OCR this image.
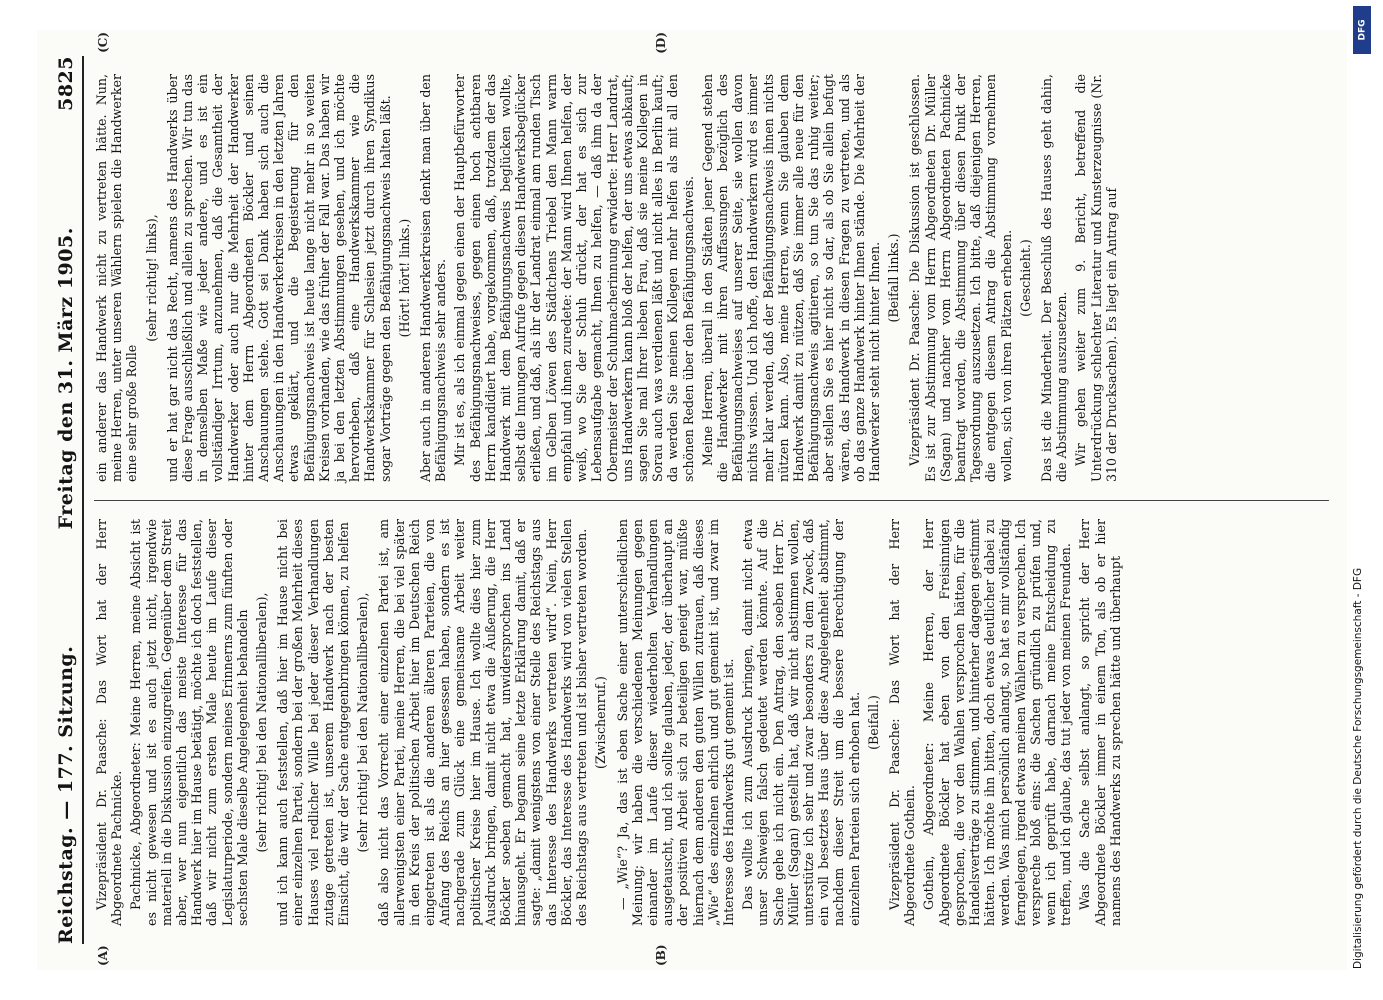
Reichstag. — 177. Sitzung.
Freitag den 31. März 1905.
5825
(A)	(B)

Vizepräsident Dr. Paasche: Das Wort hat der Herr Abgeordnete Pachnicke. Pachnicke, Abgeordneter: Meine Herren, meine Absicht ist es nicht gewesen und ist es auch jetzt nicht, irgendwie materiell in die Diskussion einzugreifen. Gegenüber dem Streit aber, wer nun eigentlich das meiste Interesse für das Handwerk hier im Hause betätigt, möchte ich doch feststellen, daß wir nicht zum ersten Male heute im Laufe dieser Legislaturperiode, sondern meines Erinnerns zum fünften oder sechsten Male dieselbe Angelegenheit behandeln (sehr richtig! bei den Nationalliberalen), und ich kann auch feststellen, daß hier im Hause nicht bei einer einzelnen Partei, sondern bei der großen Mehrheit dieses Hauses viel redlicher Wille bei jeder dieser Verhandlungen zutage getreten ist, unserem Handwerk nach der besten Einsicht, die wir der Sache entgegenbringen können, zu helfen (sehr richtig! bei den Nationalliberalen), daß also nicht das Vorrecht einer einzelnen Partei ist, am allerwenigsten einer Partei, meine Herren, die bei viel später in den Kreis der politischen Arbeit hier im Deutschen Reich eingetreten ist als die anderen älteren Parteien, die von Anfang des Reichs an hier gesessen haben, sondern es ist nachgerade zum Glück eine gemeinsame Arbeit weiter politischer Kreise hier im Hause. Ich wollte dies hier zum Ausdruck bringen, damit nicht etwa die Äußerung, die Herr Böckler soeben gemacht hat, unwidersprochen ins Land hinausgeht. Er begann seine letzte Erklärung damit, daß er sagte: „damit wenigstens von einer Stelle des Reichstags aus das Interesse des Handwerks vertreten wird“. Nein, Herr Böckler, das Interesse des Handwerks wird von vielen Stellen des Reichstags aus vertreten und ist bisher vertreten worden. (Zwischenruf.) — „Wie“? Ja, das ist eben Sache einer unterschiedlichen Meinung; wir haben die verschiedenen Meinungen gegen einander im Laufe dieser wiederholten Verhandlungen ausgetauscht, und ich sollte glauben, jeder, der überhaupt an der positiven Arbeit sich zu beteiligen geneigt war, müßte hiernach dem anderen den guten Willen zutrauen, daß dieses „Wie“ des einzelnen ehrlich und gut gemeint ist, und zwar im Interesse des Handwerks gut gemeint ist. Das wollte ich zum Ausdruck bringen, damit nicht etwa unser Schweigen falsch gedeutet werden könnte. Auf die Sache gehe ich nicht ein. Den Antrag, den soeben Herr Dr. Müller (Sagan) gestellt hat, daß wir nicht abstimmen wollen, unterstütze ich sehr und zwar besonders zu dem Zweck, daß ein voll besetztes Haus über diese Angelegenheit abstimmt, nachdem dieser Streit um die bessere Berechtigung der einzelnen Parteien sich erhoben hat. (Beifall.) Vizepräsident Dr. Paasche: Das Wort hat der Herr Abgeordnete Gothein. Gothein, Abgeordneter: Meine Herren, der Herr Abgeordnete Böckler hat eben von den Freisinnigen gesprochen, die vor den Wahlen versprochen hätten, für die Handelsverträge zu stimmen, und hinterher dagegen gestimmt hätten. Ich möchte ihn bitten, doch etwas deutlicher dabei zu werden. Was mich persönlich anlangt, so hat es mir vollständig ferngelegen, irgend etwas meinen Wählern zu versprechen. Ich verspreche bloß eins: die Sachen gründlich zu prüfen und, wenn ich geprüft habe, darnach meine Entscheidung zu treffen, und ich glaube, das tut jeder von meinen Freunden. Was die Sache selbst anlangt, so spricht der Herr Abgeordnete Böckler immer in einem Ton, als ob er hier namens des Handwerks zu sprechen hätte und überhaupt

(C)	(D)

ein anderer das Handwerk nicht zu vertreten hätte. Nun, meine Herren, unter unseren Wählern spielen die Handwerker eine sehr große Rolle

(sehr richtig! links), und er hat gar nicht das Recht, namens des Handwerks über diese Frage ausschließlich und allein zu sprechen. Wir tun das in demselben Maße wie jeder andere, und es ist ein vollständiger Irrtum, anzunehmen, daß die Gesamtheit der Handwerker oder auch nur die Mehrheit der Handwerker hinter dem Herrn Abgeordneten Böckler und seinen Anschauungen stehe. Gott sei Dank haben sich auch die Anschauungen in den Handwerkerkreisen in den letzten Jahren etwas geklärt, und die Begeisterung für den Befähigungsnachweis ist heute lange nicht mehr in so weiten Kreisen vorhanden, wie das früher der Fall war. Das haben wir ja bei den letzten Abstimmungen gesehen, und ich möchte hervorheben, daß eine Handwerkskammer wie die Handwerkskammer für Schlesien jetzt durch ihren Syndikus sogar Vorträge gegen den Befähigungsnachweis halten läßt. (Hört! hört! links.) Aber auch in anderen Handwerkerkreisen denkt man über den Befähigungsnachweis sehr anders. Mir ist es, als ich einmal gegen einen der Hauptbefürworter des Befähigungsnachweises, gegen einen hoch achtbaren Herrn kandidiert habe, vorgekommen, daß, trotzdem der das Handwerk mit dem Befähigungsnachweis beglücken wollte, selbst die Innungen Aufrufe gegen diesen Handwerksbeglücker erließen, und daß, als ihr der Landrat einmal am runden Tisch im Gelben Löwen des Städtchens Triebel den Mann warm empfahl und ihnen zuredete: der Mann wird Ihnen helfen, der weiß, wo Sie der Schuh drückt, der hat es sich zur Lebensaufgabe gemacht, Ihnen zu helfen, — daß ihm da der Obermeister der Schuhmacherinnung erwiderte: Herr Landrat, uns Handwerkern kann bloß der helfen, der uns etwas abkauft; sagen Sie mal Ihrer lieben Frau, daß sie meine Kollegen in Sorau auch was verdienen läßt und nicht alles in Berlin kauft; da werden Sie meinen Kollegen mehr helfen als mit all den schönen Reden über den Befähigungsnachweis. Meine Herren, überall in den Städten jener Gegend stehen die Handwerker mit ihren Auffassungen bezüglich des Befähigungsnachweises auf unserer Seite, sie wollen davon nichts wissen. Und ich hoffe, den Handwerkern wird es immer mehr klar werden, daß der Befähigungsnachweis ihnen nichts nützen kann. Also, meine Herren, wenn Sie glauben dem Handwerk damit zu nützen, daß Sie immer alle neue für den Befähigungsnachweis agitieren, so tun Sie das ruhig weiter; aber stellen Sie es hier nicht so dar, als ob Sie allein befugt wären, das Handwerk in diesen Fragen zu vertreten, und als ob das ganze Handwerk hinter Ihnen stände. Die Mehrheit der Handwerker steht nicht hinter Ihnen. (Beifall links.) Vizepräsident Dr. Paasche: Die Diskussion ist geschlossen. Es ist zur Abstimmung vom Herrn Abgeordneten Dr. Müller (Sagan) und nachher vom Herrn Abgeordneten Pachnicke beantragt worden, die Abstimmung über diesen Punkt der Tagesordnung auszusetzen. Ich bitte, daß diejenigen Herren, die entgegen diesem Antrag die Abstimmung vornehmen wollen, sich von ihren Plätzen erheben. (Geschieht.) Das ist die Minderheit. Der Beschluß des Hauses geht dahin, die Abstimmung auszusetzen. Wir gehen weiter zum 9. Bericht, betreffend die Unterdrückung schlechter Literatur und Kunsterzeugnisse (Nr. 310 der Drucksachen). Es liegt ein Antrag auf

DFG
Digitalisierung gefördert durch die Deutsche Forschungsgemeinschaft - DFG
